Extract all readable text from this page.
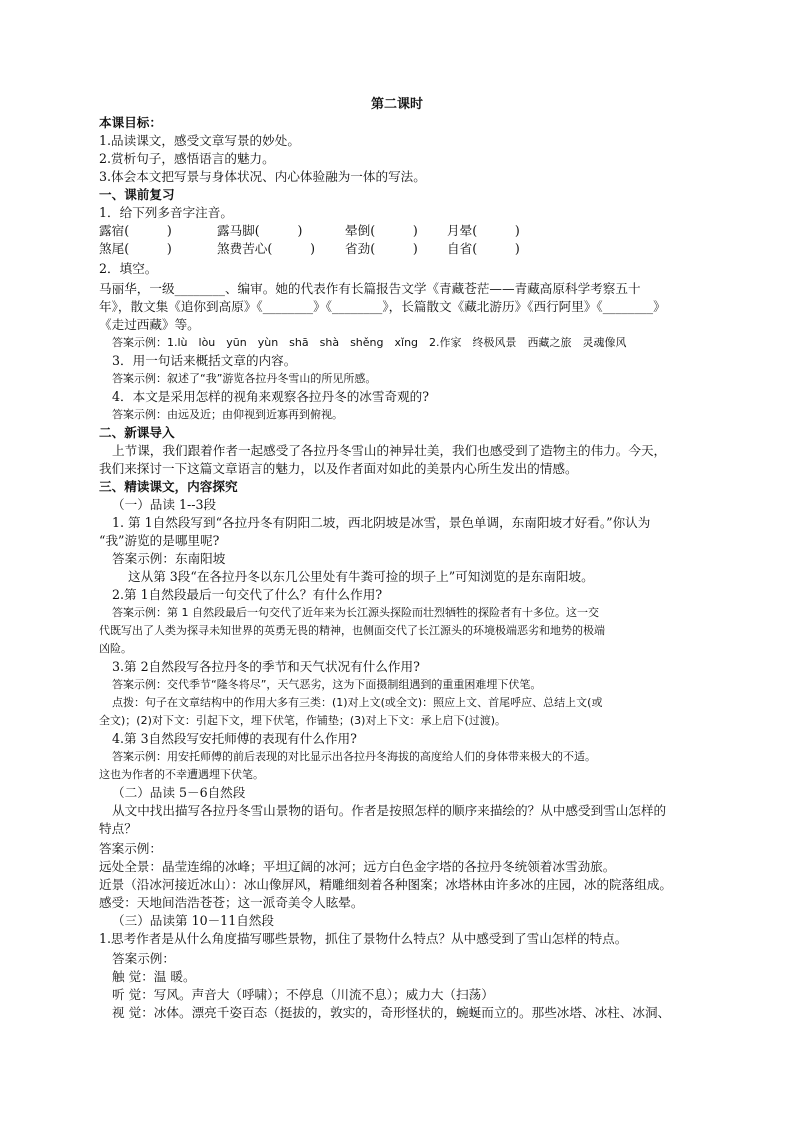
第二课时
本课目标：
1.品读课文，感受文章写景的妙处。
2.赏析句子，感悟语言的魅力。
3.体会本文把写景与身体状况、内心体验融为一体的写法。
一、课前复习
1．给下列多音字注音。
露宿(　　　)	露马脚(　　　)	晕倒(　　　) 月晕(　　　)
煞尾(　　　)	煞费苦心(　　　) 省劲(　　　) 自省(　　　)
2．填空。
马丽华，一级________、编审。她的代表作有长篇报告文学《青藏苍茫——青藏高原科学考察五十
年》，散文集《追你到高原》《________》《________》，长篇散文《藏北游历》《西行阿里》《________》
《走过西藏》等。
答案示例：1.lù　lòu　yūn　yùn　shā　shà　shěng　xǐng　2.作家　终极风景　西藏之旅　灵魂像风
3．用一句话来概括文章的内容。
答案示例：叙述了“我”游览各拉丹冬雪山的所见所感。
4．本文是采用怎样的视角来观察各拉丹冬的冰雪奇观的?
答案示例：由远及近；由仰视到近寡再到俯视。
二、新课导入
上节课，我们跟着作者一起感受了各拉丹冬雪山的神异壮美，我们也感受到了造物主的伟力。今天，
我们来探讨一下这篇文章语言的魅力，以及作者面对如此的美景内心所生发出的情感。
三、精读课文，内容探究
（一）品读 1--3段
1. 第 1自然段写到“各拉丹冬有阴阳二坡，西北阴坡是冰雪，景色单调，东南阳坡才好看。”你认为
“我”游览的是哪里呢?
答案示例：东南阳坡
这从第 3段“在各拉丹冬以东几公里处有牛粪可捡的坝子上”可知浏览的是东南阳坡。
2.第 1自然段最后一句交代了什么？有什么作用?
答案示例：第 1 自然段最后一句交代了近年来为长江源头探险而壮烈牺牲的探险者有十多位。这一交
代既写出了人类为探寻未知世界的英勇无畏的精神，也侧面交代了长江源头的环境极端恶劣和地势的极端
凶险。
3.第 2自然段写各拉丹冬的季节和天气状况有什么作用?
答案示例：交代季节“隆冬将尽”，天气恶劣，这为下面摄制组遇到的重重困难埋下伏笔。
点拨：句子在文章结构中的作用大多有三类：(1)对上文(或全文)：照应上文、首尾呼应、总结上文(或
全文)；(2)对下文：引起下文，埋下伏笔，作铺垫；(3)对上下文：承上启下(过渡)。
4.第 3自然段写安托师傅的表现有什么作用?
答案示例：用安托师傅的前后表现的对比显示出各拉丹冬海拔的高度给人们的身体带来极大的不适。
这也为作者的不幸遭遇埋下伏笔。
（二）品读 5－6自然段
从文中找出描写各拉丹冬雪山景物的语句。作者是按照怎样的顺序来描绘的？从中感受到雪山怎样的
特点？
答案示例：
远处全景：晶莹连绵的冰峰；平坦辽阔的冰河；远方白色金字塔的各拉丹冬统领着冰雪劲旅。
近景（沿冰河接近冰山）：冰山像屏风，精雕细刻着各种图案；冰塔林由许多冰的庄园，冰的院落组成。
感受：天地间浩浩苍苍；这一派奇美令人眩晕。
（三）品读第 10－11自然段
1.思考作者是从什么角度描写哪些景物，抓住了景物什么特点？从中感受到了雪山怎样的特点。
答案示例：
触 觉：温 暖。
听 觉：写风。声音大（呼啸）；不停息（川流不息）；威力大（扫荡）
视 觉：冰体。漂亮千姿百态（挺拔的，敦实的，奇形怪状的，蜿蜒而立的。那些冰塔、冰柱、冰洞、
